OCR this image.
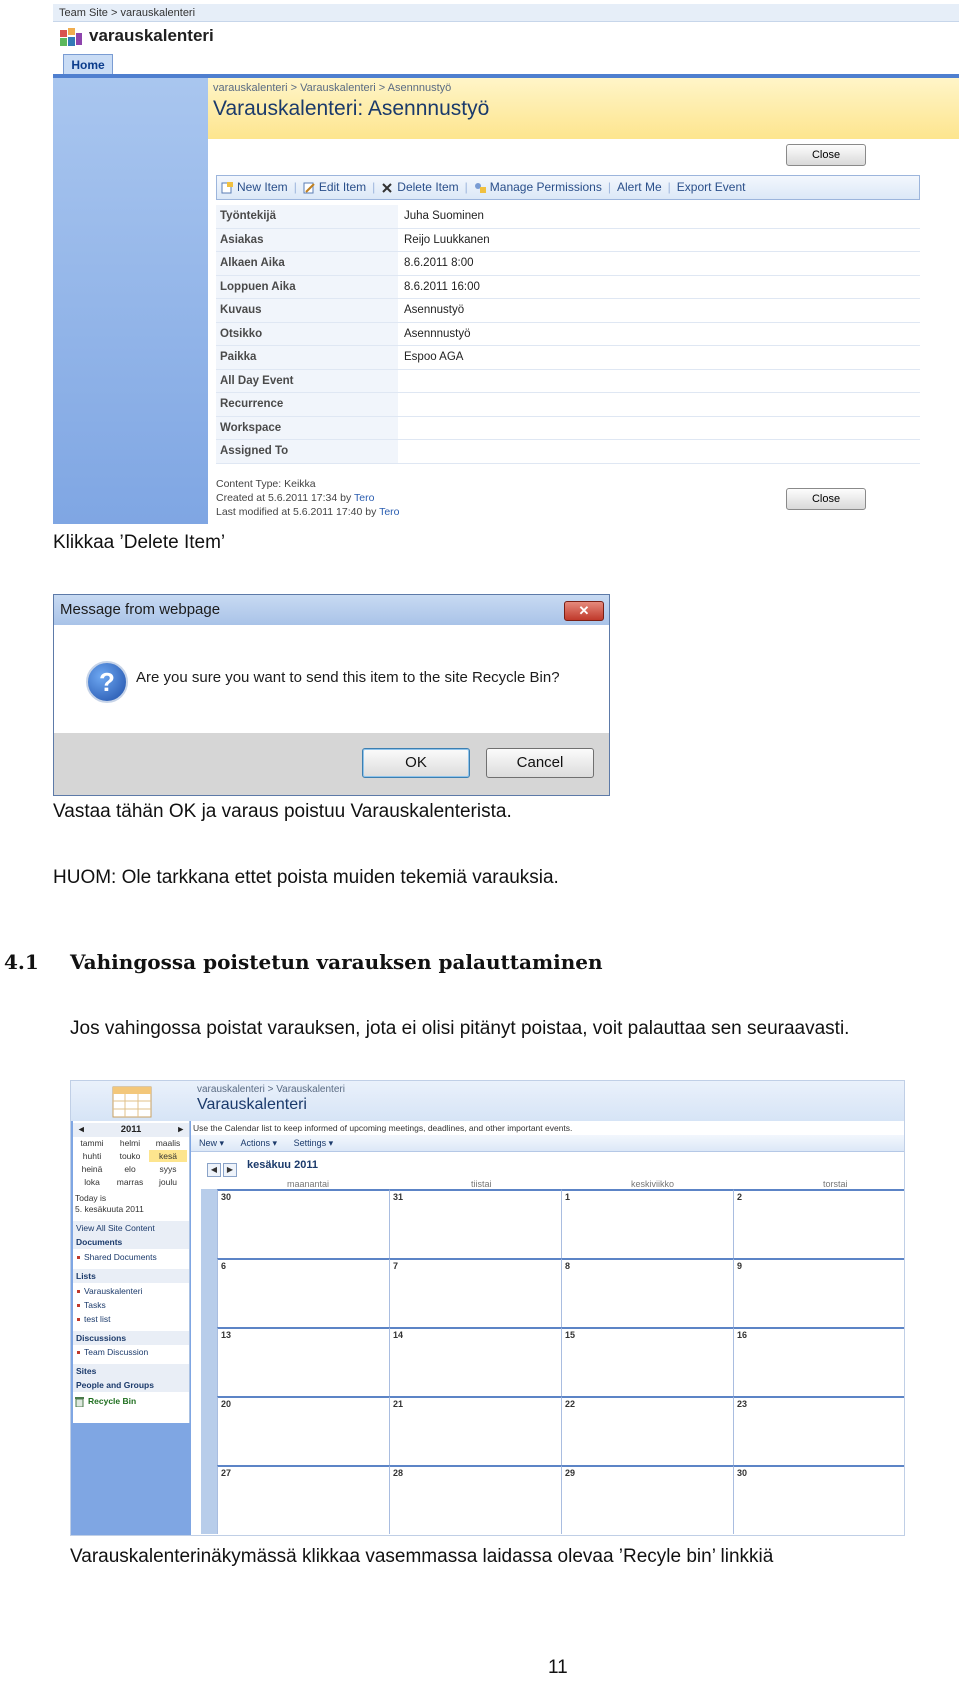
Team Site > varauskalenteri
varauskalenteri
Home
varauskalenteri > Varauskalenteri > Asennnustyö
Varauskalenteri: Asennnustyö
Close
New Item | Edit Item | Delete Item | Manage Permissions | Alert Me | Export Event
Työntekijä	Juha Suominen
Asiakas	Reijo Luukkanen
Alkaen Aika	8.6.2011 8:00
Loppuen Aika	8.6.2011 16:00
Kuvaus	Asennustyö
Otsikko	Asennnustyö
Paikka	Espoo AGA
All Day Event
Recurrence
Workspace
Assigned To
Content Type: Keikka
Created at 5.6.2011 17:34 by Tero
Last modified at 5.6.2011 17:40 by Tero
Close
Klikkaa ’Delete Item’
Message from webpage	✕
?	Are you sure you want to send this item to the site Recycle Bin?
OK	Cancel
Vastaa tähän OK ja varaus poistuu Varauskalenterista.
HUOM: Ole tarkkana ettet poista muiden tekemiä varauksia.
4.1 Vahingossa poistetun varauksen palauttaminen
Jos vahingossa poistat varauksen, jota ei olisi pitänyt poistaa, voit palauttaa sen seuraavasti.
varauskalenteri > Varauskalenteri
Varauskalenteri
◂	2011	▸
tammi	helmi	maalis
huhti	touko	kesä
heinä	elo	syys
loka	marras	joulu
Today is
5. kesäkuuta 2011
View All Site Content
Documents
Shared Documents
Lists
Varauskalenteri
Tasks
test list
Discussions
Team Discussion
Sites
People and Groups
Recycle Bin
Use the Calendar list to keep informed of upcoming meetings, deadlines, and other important events.
New ▾ Actions ▾ Settings ▾
◀ ▶	kesäkuu 2011
maanantai	tiistai	keskiviikko	torstai
30	31	1	2
6	7	8	9
13	14	15	16
20	21	22	23
27	28	29	30
Varauskalenterinäkymässä klikkaa vasemmassa laidassa olevaa ’Recyle bin’ linkkiä
11
